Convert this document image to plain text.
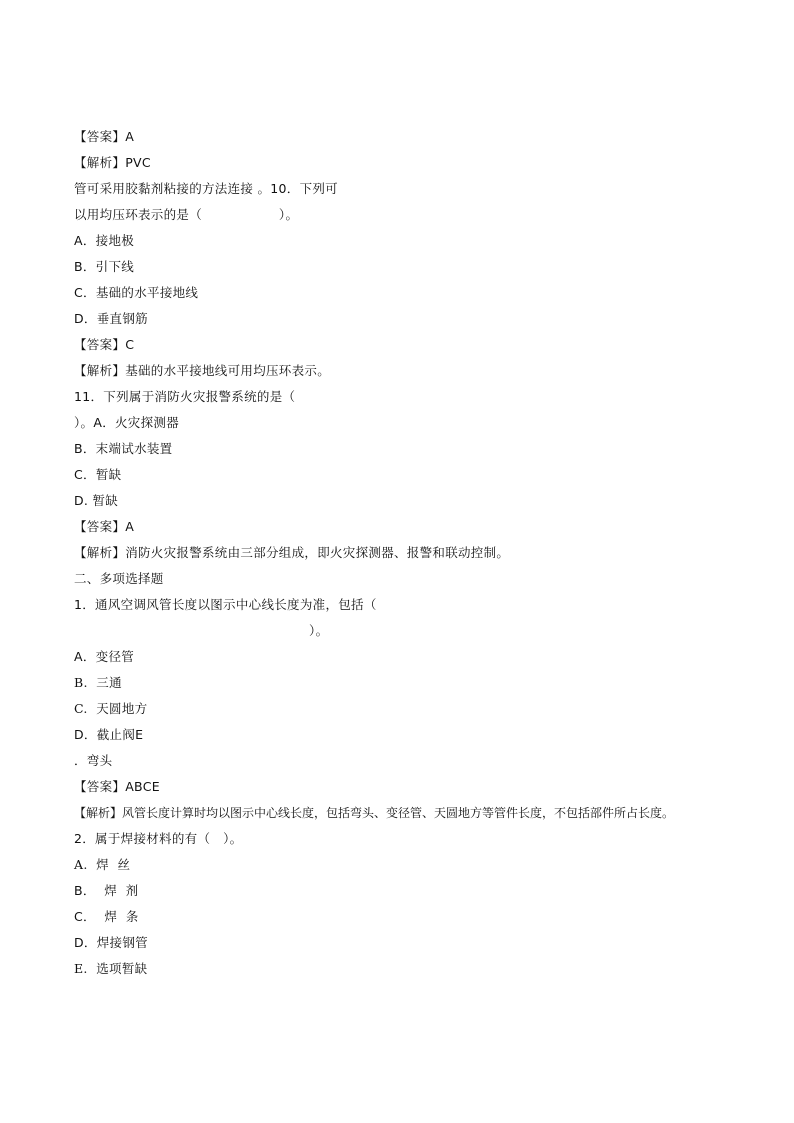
【答案】A
【解析】PVC
管可采用胶黏剂粘接的方法连接 。10．下列可
以用均压环表示的是（                  ）。
A．接地极
B．引下线
C．基础的水平接地线
D．垂直钢筋
【答案】C
【解析】基础的水平接地线可用均压环表示。
11．下列属于消防火灾报警系统的是（
）。A．火灾探测器
B．末端试水装置
C．暂缺
D. 暂缺
【答案】A
【解析】消防火灾报警系统由三部分组成，即火灾探测器、报警和联动控制。
二、多项选择题
1．通风空调风管长度以图示中心线长度为准，包括（
）。
A．变径管
B.  三通
C.  天圆地方
D．截止阀E
．弯头
【答案】ABCE
【解析】风管长度计算时均以图示中心线长度，包括弯头、变径管、天圆地方等管件长度，不包括部件所占长度。
2．属于焊接材料的有（   ）。
A.  焊  丝
B．  焊  剂
C．  焊  条
D．焊接钢管
E.  选项暂缺
